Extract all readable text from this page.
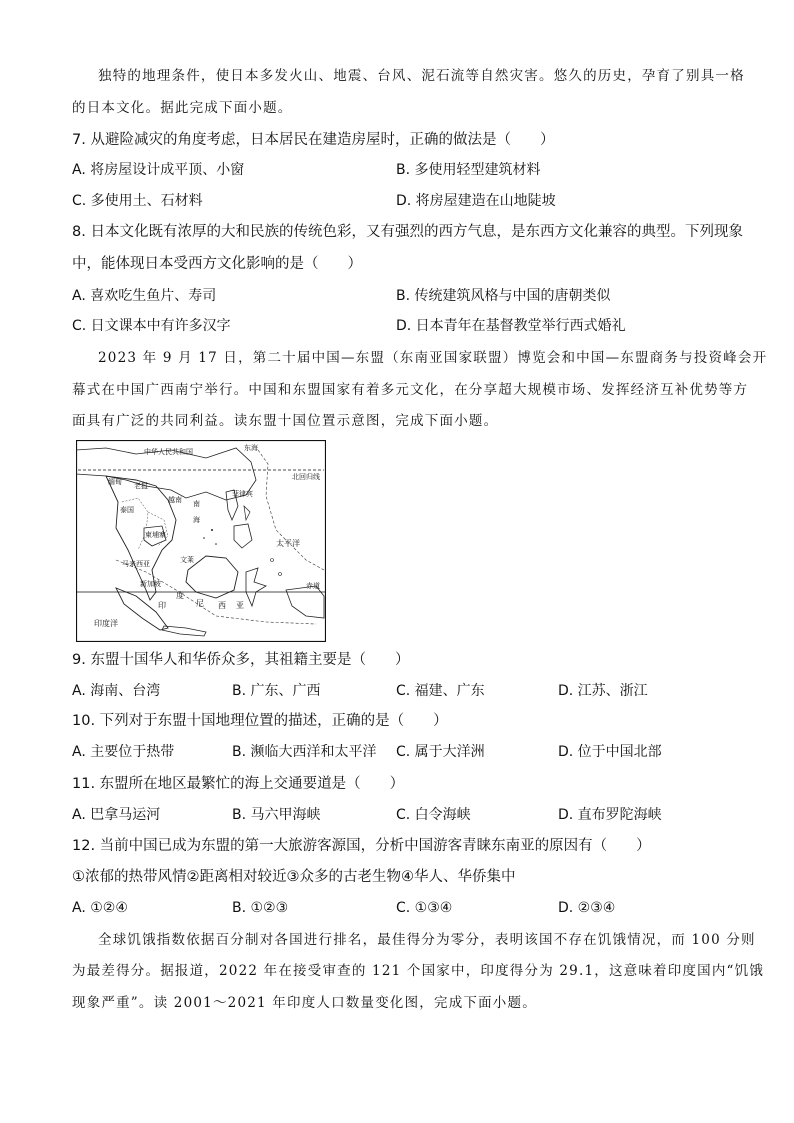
独特的地理条件，使日本多发火山、地震、台风、泥石流等自然灾害。悠久的历史，孕育了别具一格
的日本文化。据此完成下面小题。
7. 从避险减灾的角度考虑，日本居民在建造房屋时，正确的做法是（　　）
A. 将房屋设计成平顶、小窗	B. 多使用轻型建筑材料
C. 多使用土、石材料	D. 将房屋建造在山地陡坡
8. 日本文化既有浓厚的大和民族的传统色彩，又有强烈的西方气息，是东西方文化兼容的典型。下列现象
中，能体现日本受西方文化影响的是（　　）
A. 喜欢吃生鱼片、寿司	B. 传统建筑风格与中国的唐朝类似
C. 日文课本中有许多汉字	D. 日本青年在基督教堂举行西式婚礼
2023 年 9 月 17 日，第二十届中国—东盟（东南亚国家联盟）博览会和中国—东盟商务与投资峰会开
幕式在中国广西南宁举行。中国和东盟国家有着多元文化，在分享超大规模市场、发挥经济互补优势等方
面具有广泛的共同利益。读东盟十国位置示意图，完成下面小题。
中华人民共和国	东海
北回归线
缅甸 老挝
泰国
柬埔寨
越南 南
海
菲律宾
太平洋
文莱
马来西亚
新加坡	赤道
印度洋
印
度
尼 西 亚
9. 东盟十国华人和华侨众多，其祖籍主要是（　　）
A. 海南、台湾	B. 广东、广西	C. 福建、广东	D. 江苏、浙江
10. 下列对于东盟十国地理位置的描述，正确的是（　　）
A. 主要位于热带	B. 濒临大西洋和太平洋 C. 属于大洋洲	D. 位于中国北部
11. 东盟所在地区最繁忙的海上交通要道是（　　）
A. 巴拿马运河	B. 马六甲海峡	C. 白令海峡	D. 直布罗陀海峡
12. 当前中国已成为东盟的第一大旅游客源国，分析中国游客青睐东南亚的原因有（　　）
①浓郁的热带风情②距离相对较近③众多的古老生物④华人、华侨集中
A. ①②④	B. ①②③	C. ①③④	D. ②③④
全球饥饿指数依据百分制对各国进行排名，最佳得分为零分，表明该国不存在饥饿情况，而 100 分则
为最差得分。据报道，2022 年在接受审查的 121 个国家中，印度得分为 29.1，这意味着印度国内“饥饿
现象严重”。读 2001～2021 年印度人口数量变化图，完成下面小题。
